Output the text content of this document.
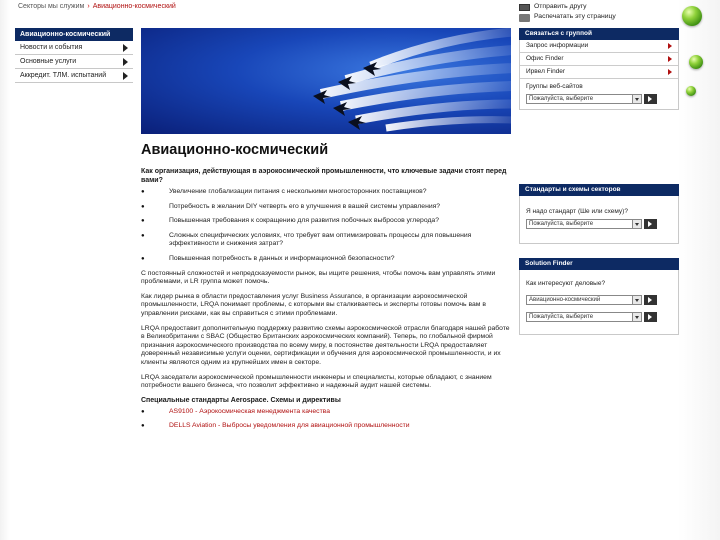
Секторы мы служим › Авиационно-космический	Отправить другу
Распечатать эту страницу
Авиационно-космический
Новости и события
Основные услуги
Аккредит. ТЛМ. испытаний
Авиационно-космический
Как организация, действующая в аэрокосмической промышленности, что ключевые задачи стоят перед вами?
● Увеличение глобализации питания с несколькими многосторонних поставщиков?
● Потребность в желании DIY четверть его в улучшения в вашей системы управления?
● Повышенная требования к сокращению для развития побочных выбросов углерода?
● Сложных специфических условиях, что требует вам оптимизировать процессы для повышения эффективности и снижения затрат?
● Повышенная потребность в данных и информационной безопасности?
С постоянный сложностей и непредсказуемости рынок, вы ищите решения, чтобы помочь вам управлять этими проблемами, и LR группа может помочь.
Как лидер рынка в области предоставления услуг Business Assurance, в организации аэрокосмической промышленности, LRQA понимает проблемы, с которыми вы сталкиваетесь и эксперты готовы помочь вам в управлении рисками, как вы справиться с этими проблемами.
LRQA предоставит дополнительную поддержку развитию схемы аэрокосмической отрасли благодаря нашей работе в Великобритании с SBAC (Общество Британских аэрокосмических компаний). Теперь, по глобальной фирмой признания аэрокосмического производства по всему миру, в постоянстве деятельности LRQA предоставляет доверенный независимые услуги оценки, сертификации и обучения для аэрокосмической промышленности, и их клиенты являются одним из крупнейших имен в секторе.
LRQA заседатели аэрокосмической промышленности инженеры и специалисты, которые обладают, с знанием потребности вашего бизнеса, что позволит эффективно и надежный аудит нашей системы.
Специальные стандарты Aerospace. Схемы и директивы
● AS9100 - Аэрокосмическая менеджмента качества
● DELLS Aviation - Выбросы уведомления для авиационной промышленности
Связаться с группой
Запрос информации
Офис Finder
Ирвел Finder
Группы веб-сайтов
Пожалуйста, выберите
Стандарты и схемы секторов
Я надо стандарт (Ше или схему)?
Пожалуйста, выберите
Solution Finder
Как интересуют деловые?
Авиационно-космический
Пожалуйста, выберите
